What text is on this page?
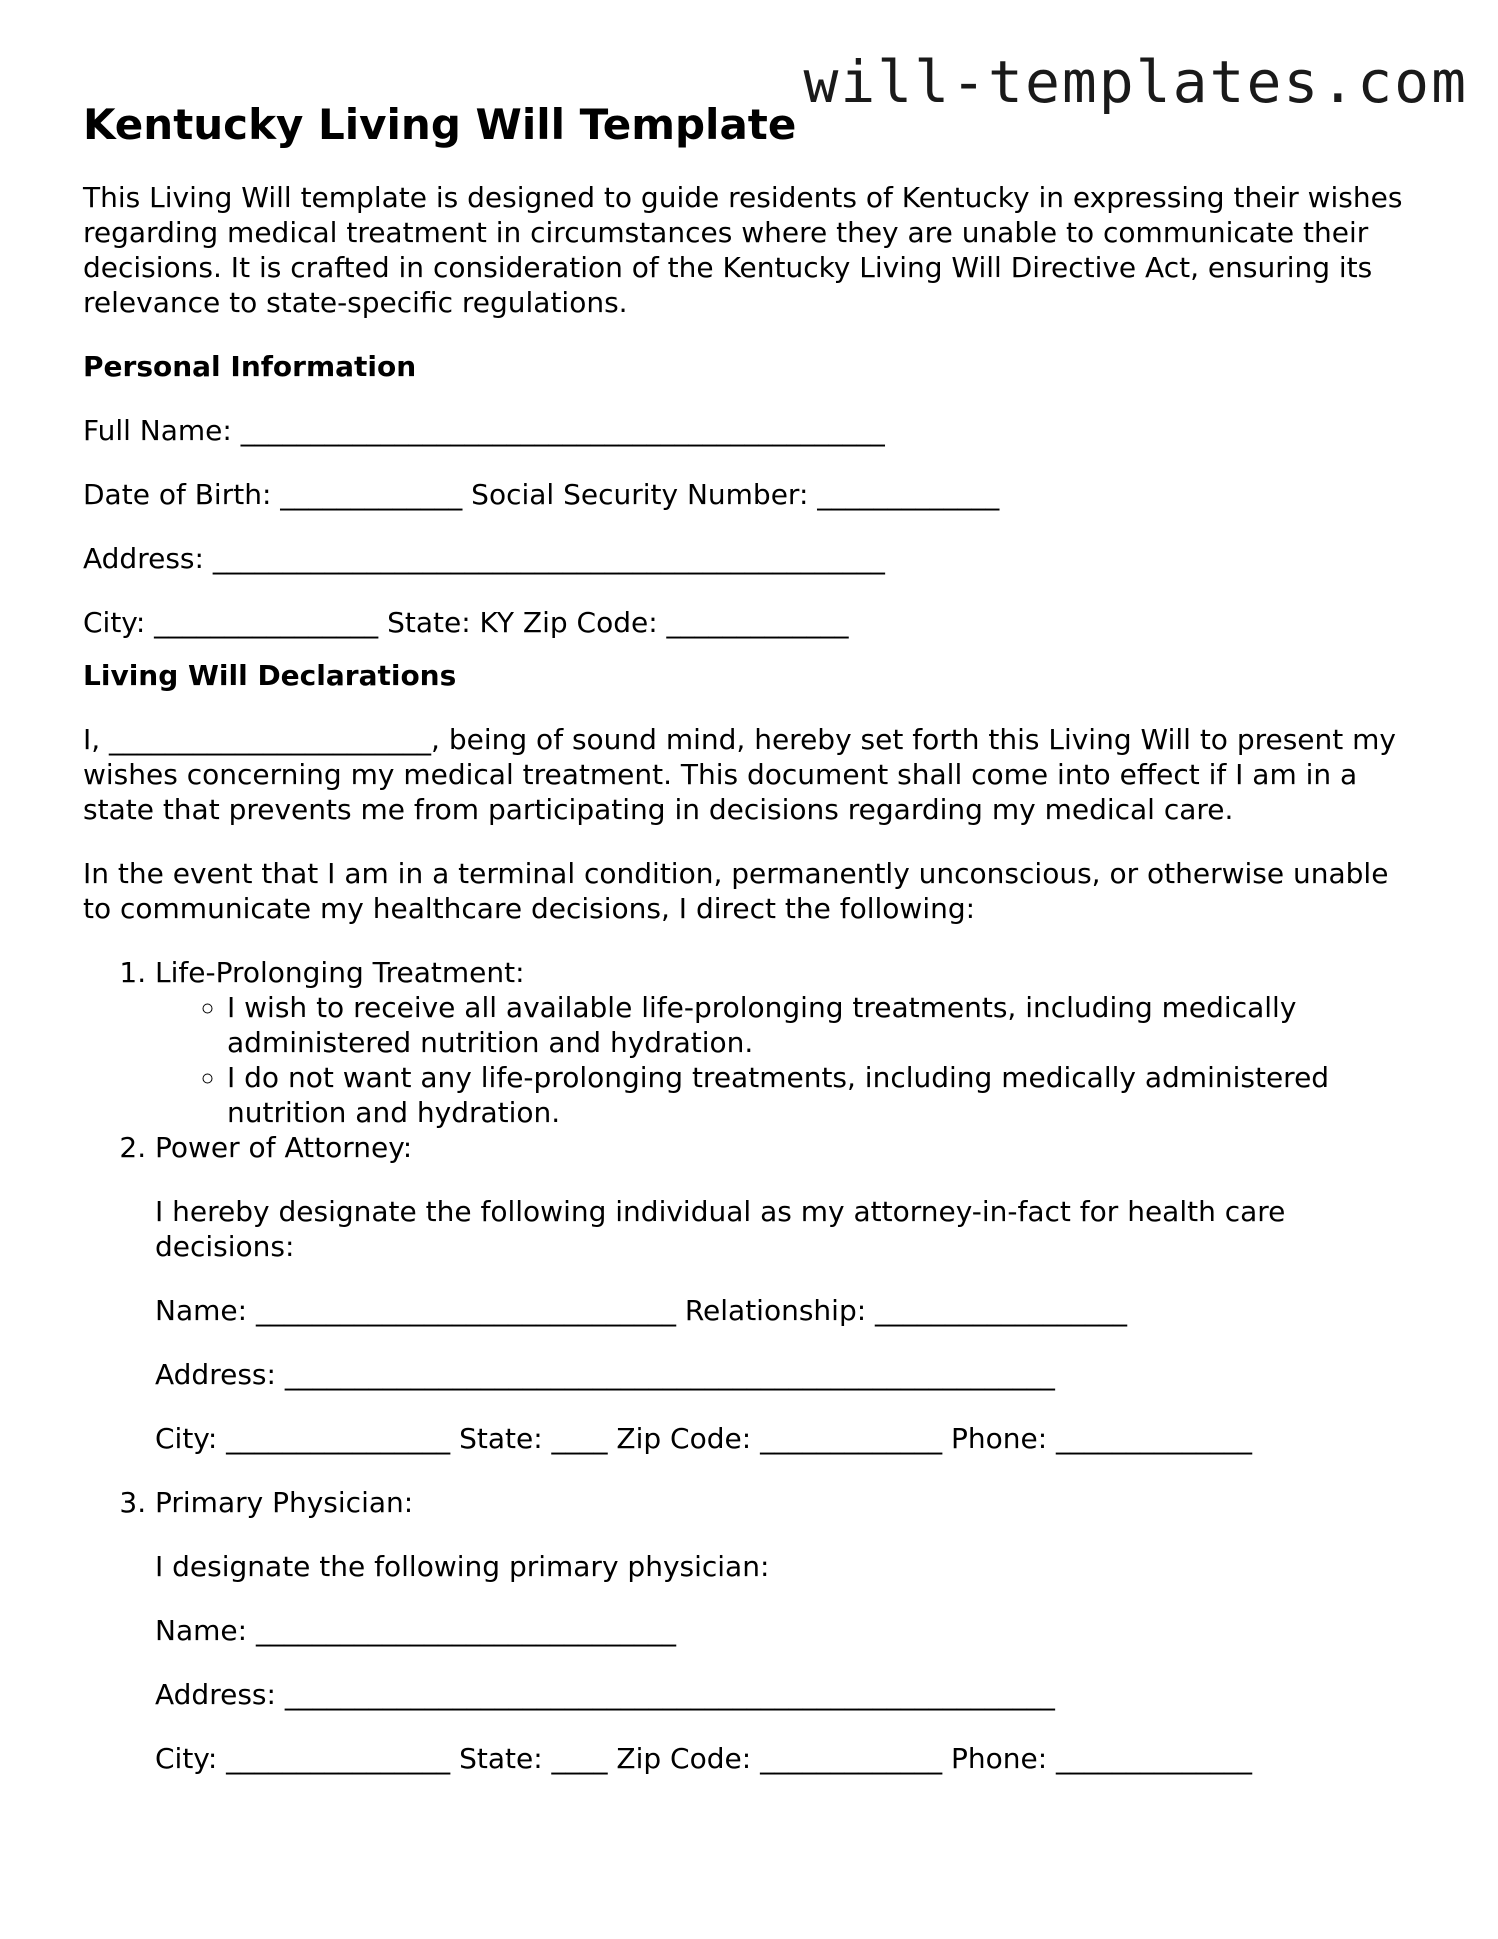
will-templates.com
Kentucky Living Will Template

This Living Will template is designed to guide residents of Kentucky in expressing their wishes regarding medical treatment in circumstances where they are unable to communicate their decisions. It is crafted in consideration of the Kentucky Living Will Directive Act, ensuring its relevance to state-specific regulations.

Personal Information
Full Name: ______________________________________________
Date of Birth: _____________ Social Security Number: _____________
Address: ________________________________________________
City: ________________ State: KY Zip Code: _____________
Living Will Declarations

I, _______________________, being of sound mind, hereby set forth this Living Will to present my wishes concerning my medical treatment. This document shall come into effect if I am in a state that prevents me from participating in decisions regarding my medical care.

In the event that I am in a terminal condition, permanently unconscious, or otherwise unable to communicate my healthcare decisions, I direct the following:

1. Life-Prolonging Treatment:
◦ I wish to receive all available life-prolonging treatments, including medically administered nutrition and hydration.
◦ I do not want any life-prolonging treatments, including medically administered nutrition and hydration.
2. Power of Attorney:

I hereby designate the following individual as my attorney-in-fact for health care decisions:

Name: ______________________________ Relationship: __________________
Address: _______________________________________________________
City: ________________ State: ____ Zip Code: _____________ Phone: ______________
3. Primary Physician:

I designate the following primary physician:

Name: ______________________________
Address: _______________________________________________________
City: ________________ State: ____ Zip Code: _____________ Phone: ______________
